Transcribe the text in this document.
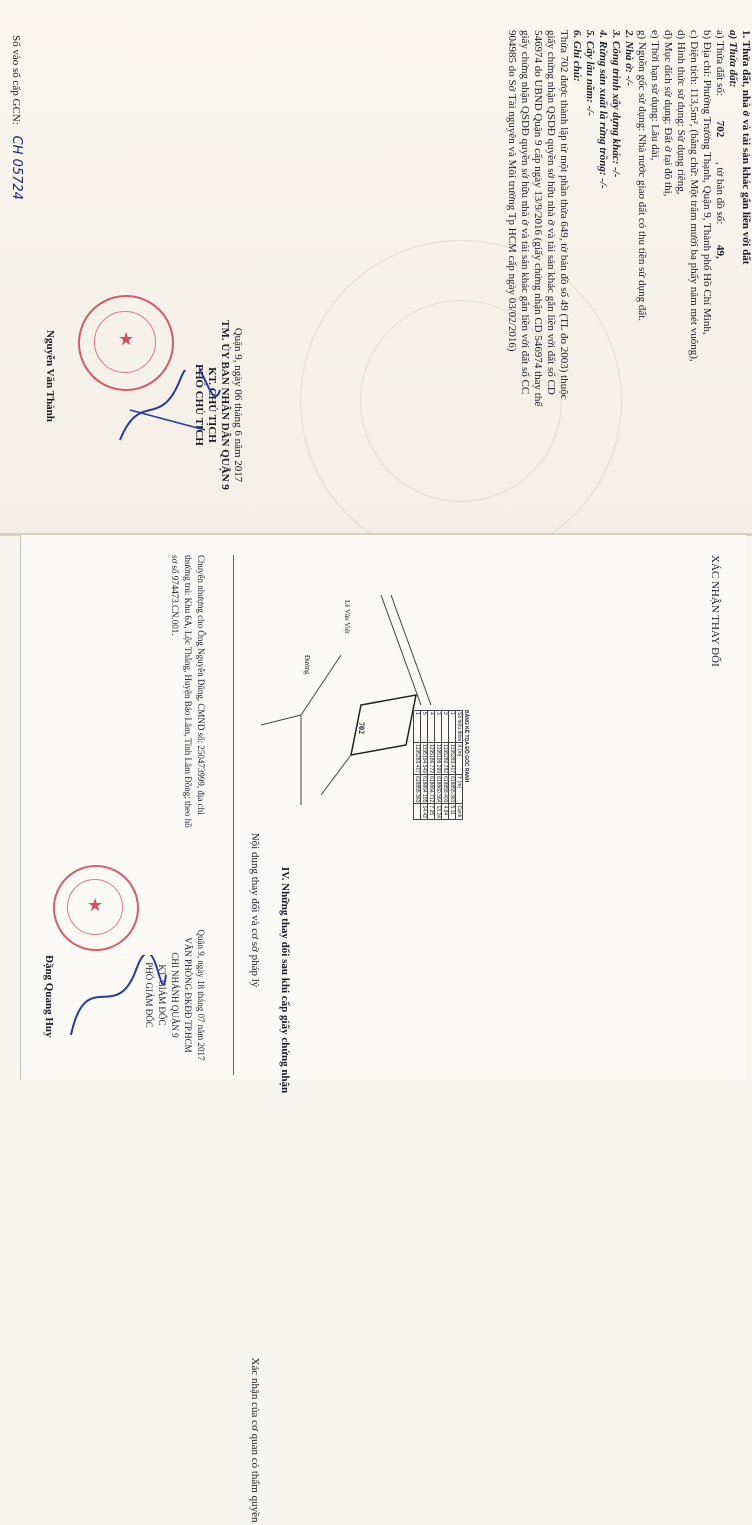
1. Thửa đất, nhà ở và tài sản khác gắn liền với đất
a) Thửa đất:
a) Thửa đất số: 702 , tờ bản đồ số: 49,
b) Địa chỉ: Phường Trường Thạnh, Quận 9, Thành phố Hồ Chí Minh,
c) Diện tích: 113,5m², (bằng chữ: Một trăm mười ba phẩy năm mét vuông),
d) Hình thức sử dụng: Sử dụng riêng,
đ) Mục đích sử dụng: Đất ở tại đô thị,
e) Thời hạn sử dụng: Lâu dài,
g) Nguồn gốc sử dụng: Nhà nước giao đất có thu tiền sử dụng đất.
2. Nhà ở: -/-
3. Công trình xây dựng khác: -/-
4. Rừng sản xuất là rừng trồng: -/-
5. Cây lâu năm: -/-
6. Ghi chú:
Thửa 702 được thành lập từ một phần thửa 649, tờ bản đồ số 49 (TL đo 2003) thuộc
giấy chứng nhận QSDĐ quyền sở hữu nhà ở và tài sản khác gắn liền với đất số CD
546974 do UBND Quận 9 cấp ngày 13/9/2016 (giấy chứng nhận CD 546974 thay thế
giấy chứng nhận QSDĐ quyền sở hữu nhà ở và tài sản khác gắn liền với đất số CC
904985 do Sở Tài nguyên và Môi trường Tp HCM cấp ngày 03/02/2016)
Quận 9, ngày 06 tháng 6 năm 2017
TM. ỦY BAN NHÂN DÂN QUẬN 9
KT. CHỦ TỊCH
PHÓ CHỦ TỊCH
★
Nguyễn Văn Thành
Số vào sổ cấp GCN: CH 05724
XÁC NHẬN THAY ĐỔI
Lê Văn Việt
Đường
702	BẢNG KÊ TỌA ĐỘ GÓC RANH
Số hiệu điểm	X (m)	Y (m)	Cạnh
1	1195283.417	618855.363	5.11
2	1195282.782	618858.403	4.94
3	1195198.299	618860.364	13.24
4	1195186.772	618864.712	7.25
5	1195194.349	618864.155	14.42
1	1195283.417	618855.363	
IV. Những thay đổi sau khi cấp giấy chứng nhận
Nội dung thay đổi và cơ sở pháp lý
Xác nhận của cơ quan có thẩm quyền
Chuyển nhượng cho Ông Nguyễn Dũng, CMND số: 250473999, địa chỉ
thường trú: Khu 6A, Lộc Thắng, Huyện Bảo Lâm, Tỉnh Lâm Đồng; theo hồ
sơ số 974473.CN.001.
Quận 9, ngày 18 tháng 07 năm 2017
VĂN PHÒNG ĐKĐĐ TP.HCM
CHI NHÁNH QUẬN 9
KT. GIÁM ĐỐC
PHÓ GIÁM ĐỐC
★
Đặng Quang Huy
